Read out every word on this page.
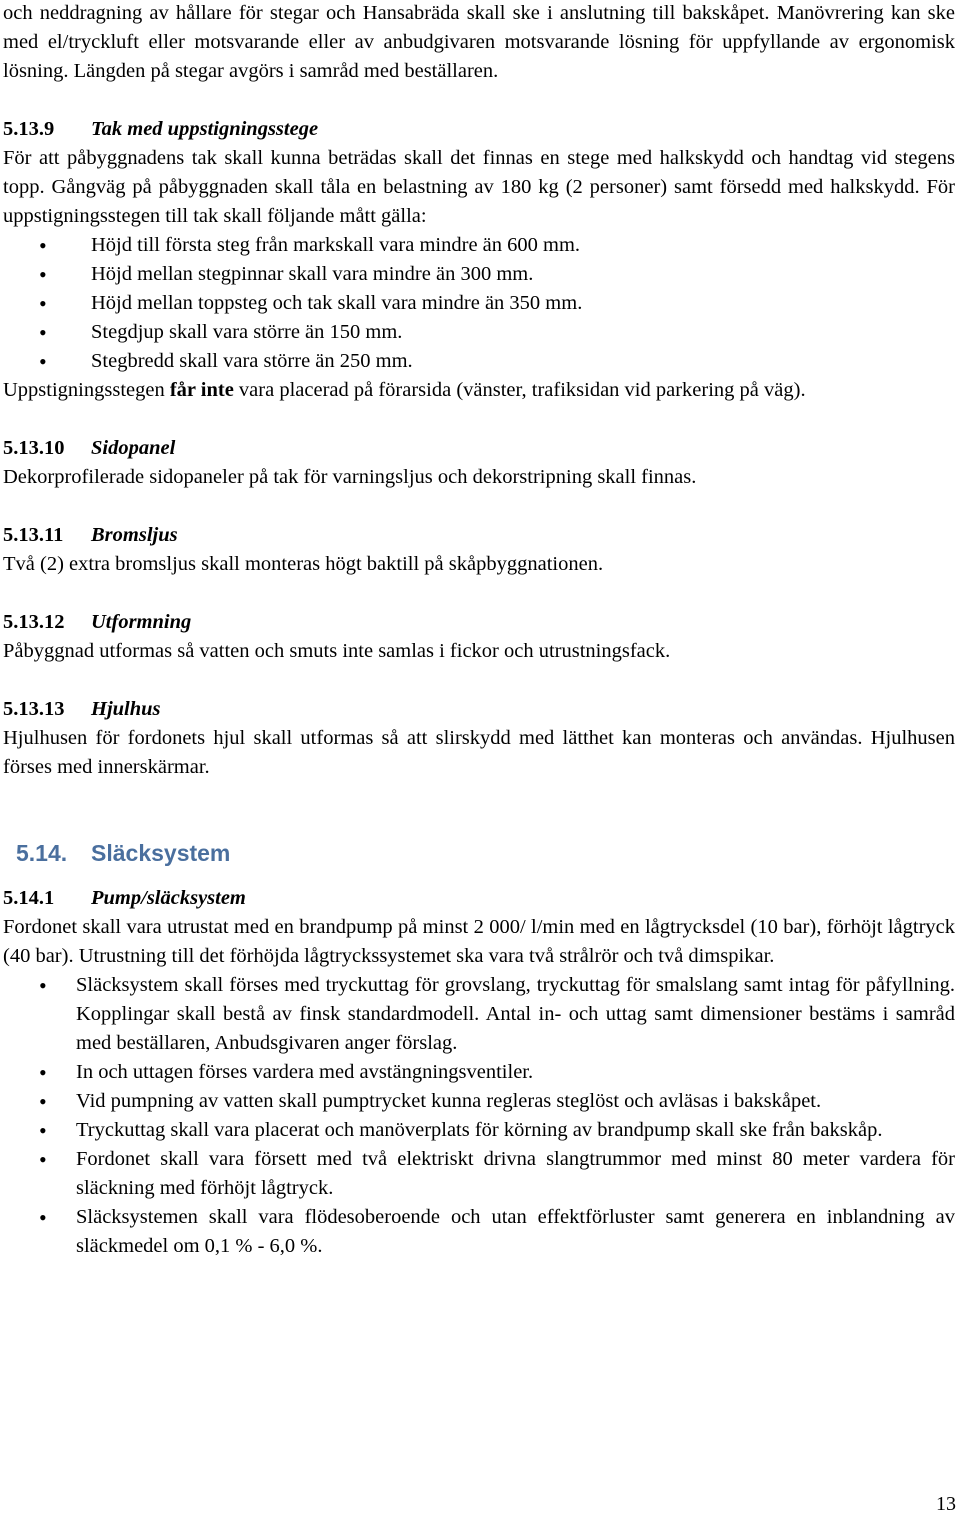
och neddragning av hållare för stegar och Hansabräda skall ske i anslutning till bakskåpet. Manövrering kan ske med el/tryckluft eller motsvarande eller av anbudgivaren motsvarande lösning för uppfyllande av ergonomisk lösning. Längden på stegar avgörs i samråd med beställaren.

5.13.9 Tak med uppstigningsstege

För att påbyggnadens tak skall kunna beträdas skall det finnas en stege med halkskydd och handtag vid stegens topp. Gångväg på påbyggnaden skall tåla en belastning av 180 kg (2 personer) samt försedd med halkskydd. För uppstigningsstegen till tak skall följande mått gälla:

• Höjd till första steg från markskall vara mindre än 600 mm.
• Höjd mellan stegpinnar skall vara mindre än 300 mm.
• Höjd mellan toppsteg och tak skall vara mindre än 350 mm.
• Stegdjup skall vara större än 150 mm.
• Stegbredd skall vara större än 250 mm.

Uppstigningsstegen får inte vara placerad på förarsida (vänster, trafiksidan vid parkering på väg).

5.13.10 Sidopanel

Dekorprofilerade sidopaneler på tak för varningsljus och dekorstripning skall finnas.

5.13.11 Bromsljus

Två (2) extra bromsljus skall monteras högt baktill på skåpbyggnationen.

5.13.12 Utformning

Påbyggnad utformas så vatten och smuts inte samlas i fickor och utrustningsfack.

5.13.13 Hjulhus

Hjulhusen för fordonets hjul skall utformas så att slirskydd med lätthet kan monteras och användas. Hjulhusen förses med innerskärmar.

5.14. Släcksystem
5.14.1 Pump/släcksystem

Fordonet skall vara utrustat med en brandpump på minst 2 000/ l/min med en lågtrycksdel (10 bar), förhöjt lågtryck (40 bar). Utrustning till det förhöjda lågtryckssystemet ska vara två strålrör och två dimspikar.

• Släcksystem skall förses med tryckuttag för grovslang, tryckuttag för smalslang samt intag för påfyllning. Kopplingar skall bestå av finsk standardmodell. Antal in- och uttag samt dimensioner bestäms i samråd med beställaren, Anbudsgivaren anger förslag.
• In och uttagen förses vardera med avstängningsventiler.
• Vid pumpning av vatten skall pumptrycket kunna regleras steglöst och avläsas i bakskåpet.
• Tryckuttag skall vara placerat och manöverplats för körning av brandpump skall ske från bakskåp.
• Fordonet skall vara försett med två elektriskt drivna slangtrummor med minst 80 meter vardera för släckning med förhöjt lågtryck.
• Släcksystemen skall vara flödesoberoende och utan effektförluster samt generera en inblandning av släckmedel om 0,1 % - 6,0 %.
13
